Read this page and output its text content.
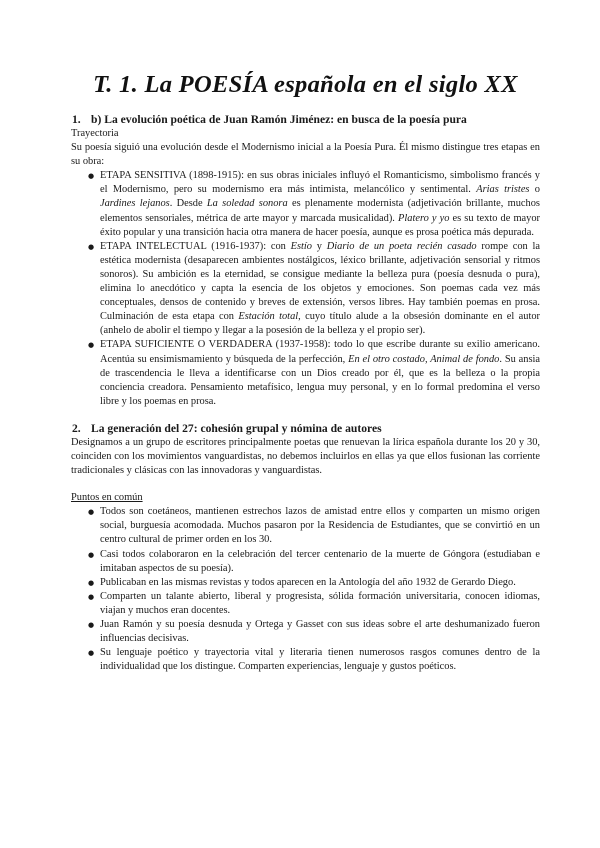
T. 1. La POESÍA española en el siglo XX
1. b) La evolución poética de Juan Ramón Jiménez: en busca de la poesía pura

Trayectoria

Su poesía siguió una evolución desde el Modernismo inicial a la Poesía Pura. Él mismo distingue tres etapas en su obra:

● ETAPA SENSITIVA (1898-1915): en sus obras iniciales influyó el Romanticismo, simbolismo francés y el Modernismo, pero su modernismo era más intimista, melancólico y sentimental. Arias tristes o Jardines lejanos. Desde La soledad sonora es plenamente modernista (adjetivación brillante, muchos elementos sensoriales, métrica de arte mayor y marcada musicalidad). Platero y yo es su texto de mayor éxito popular y una transición hacia otra manera de hacer poesía, aunque es prosa poética más depurada.
● ETAPA INTELECTUAL (1916-1937): con Estío y Diario de un poeta recién casado rompe con la estética modernista (desaparecen ambientes nostálgicos, léxico brillante, adjetivación sensorial y ritmos sonoros). Su ambición es la eternidad, se consigue mediante la belleza pura (poesía desnuda o pura), elimina lo anecdótico y capta la esencia de los objetos y emociones. Son poemas cada vez más conceptuales, densos de contenido y breves de extensión, versos libres. Hay también poemas en prosa. Culminación de esta etapa con Estación total, cuyo título alude a la obsesión dominante en el autor (anhelo de abolir el tiempo y llegar a la posesión de la belleza y el propio ser).
● ETAPA SUFICIENTE O VERDADERA (1937-1958): todo lo que escribe durante su exilio americano. Acentúa su ensimismamiento y búsqueda de la perfección, En el otro costado, Animal de fondo. Su ansia de trascendencia le lleva a identificarse con un Dios creado por él, que es la belleza o la propia conciencia creadora. Pensamiento metafísico, lengua muy personal, y en lo formal predomina el verso libre y los poemas en prosa.
2. La generación del 27: cohesión grupal y nómina de autores

Designamos a un grupo de escritores principalmente poetas que renuevan la lírica española durante los 20 y 30, coinciden con los movimientos vanguardistas, no debemos incluirlos en ellas ya que ellos fusionan las corriente tradicionales y clásicas con las innovadoras y vanguardistas.

Puntos en común

● Todos son coetáneos, mantienen estrechos lazos de amistad entre ellos y comparten un mismo origen social, burguesía acomodada. Muchos pasaron por la Residencia de Estudiantes, que se convirtió en un centro cultural de primer orden en los 30.
● Casi todos colaboraron en la celebración del tercer centenario de la muerte de Góngora (estudiaban e imitaban aspectos de su poesía).
● Publicaban en las mismas revistas y todos aparecen en la Antología del año 1932 de Gerardo Diego.
● Comparten un talante abierto, liberal y progresista, sólida formación universitaria, conocen idiomas, viajan y muchos eran docentes.
● Juan Ramón y su poesía desnuda y Ortega y Gasset con sus ideas sobre el arte deshumanizado fueron influencias decisivas.
● Su lenguaje poético y trayectoria vital y literaria tienen numerosos rasgos comunes dentro de la individualidad que los distingue. Comparten experiencias, lenguaje y gustos poéticos.
